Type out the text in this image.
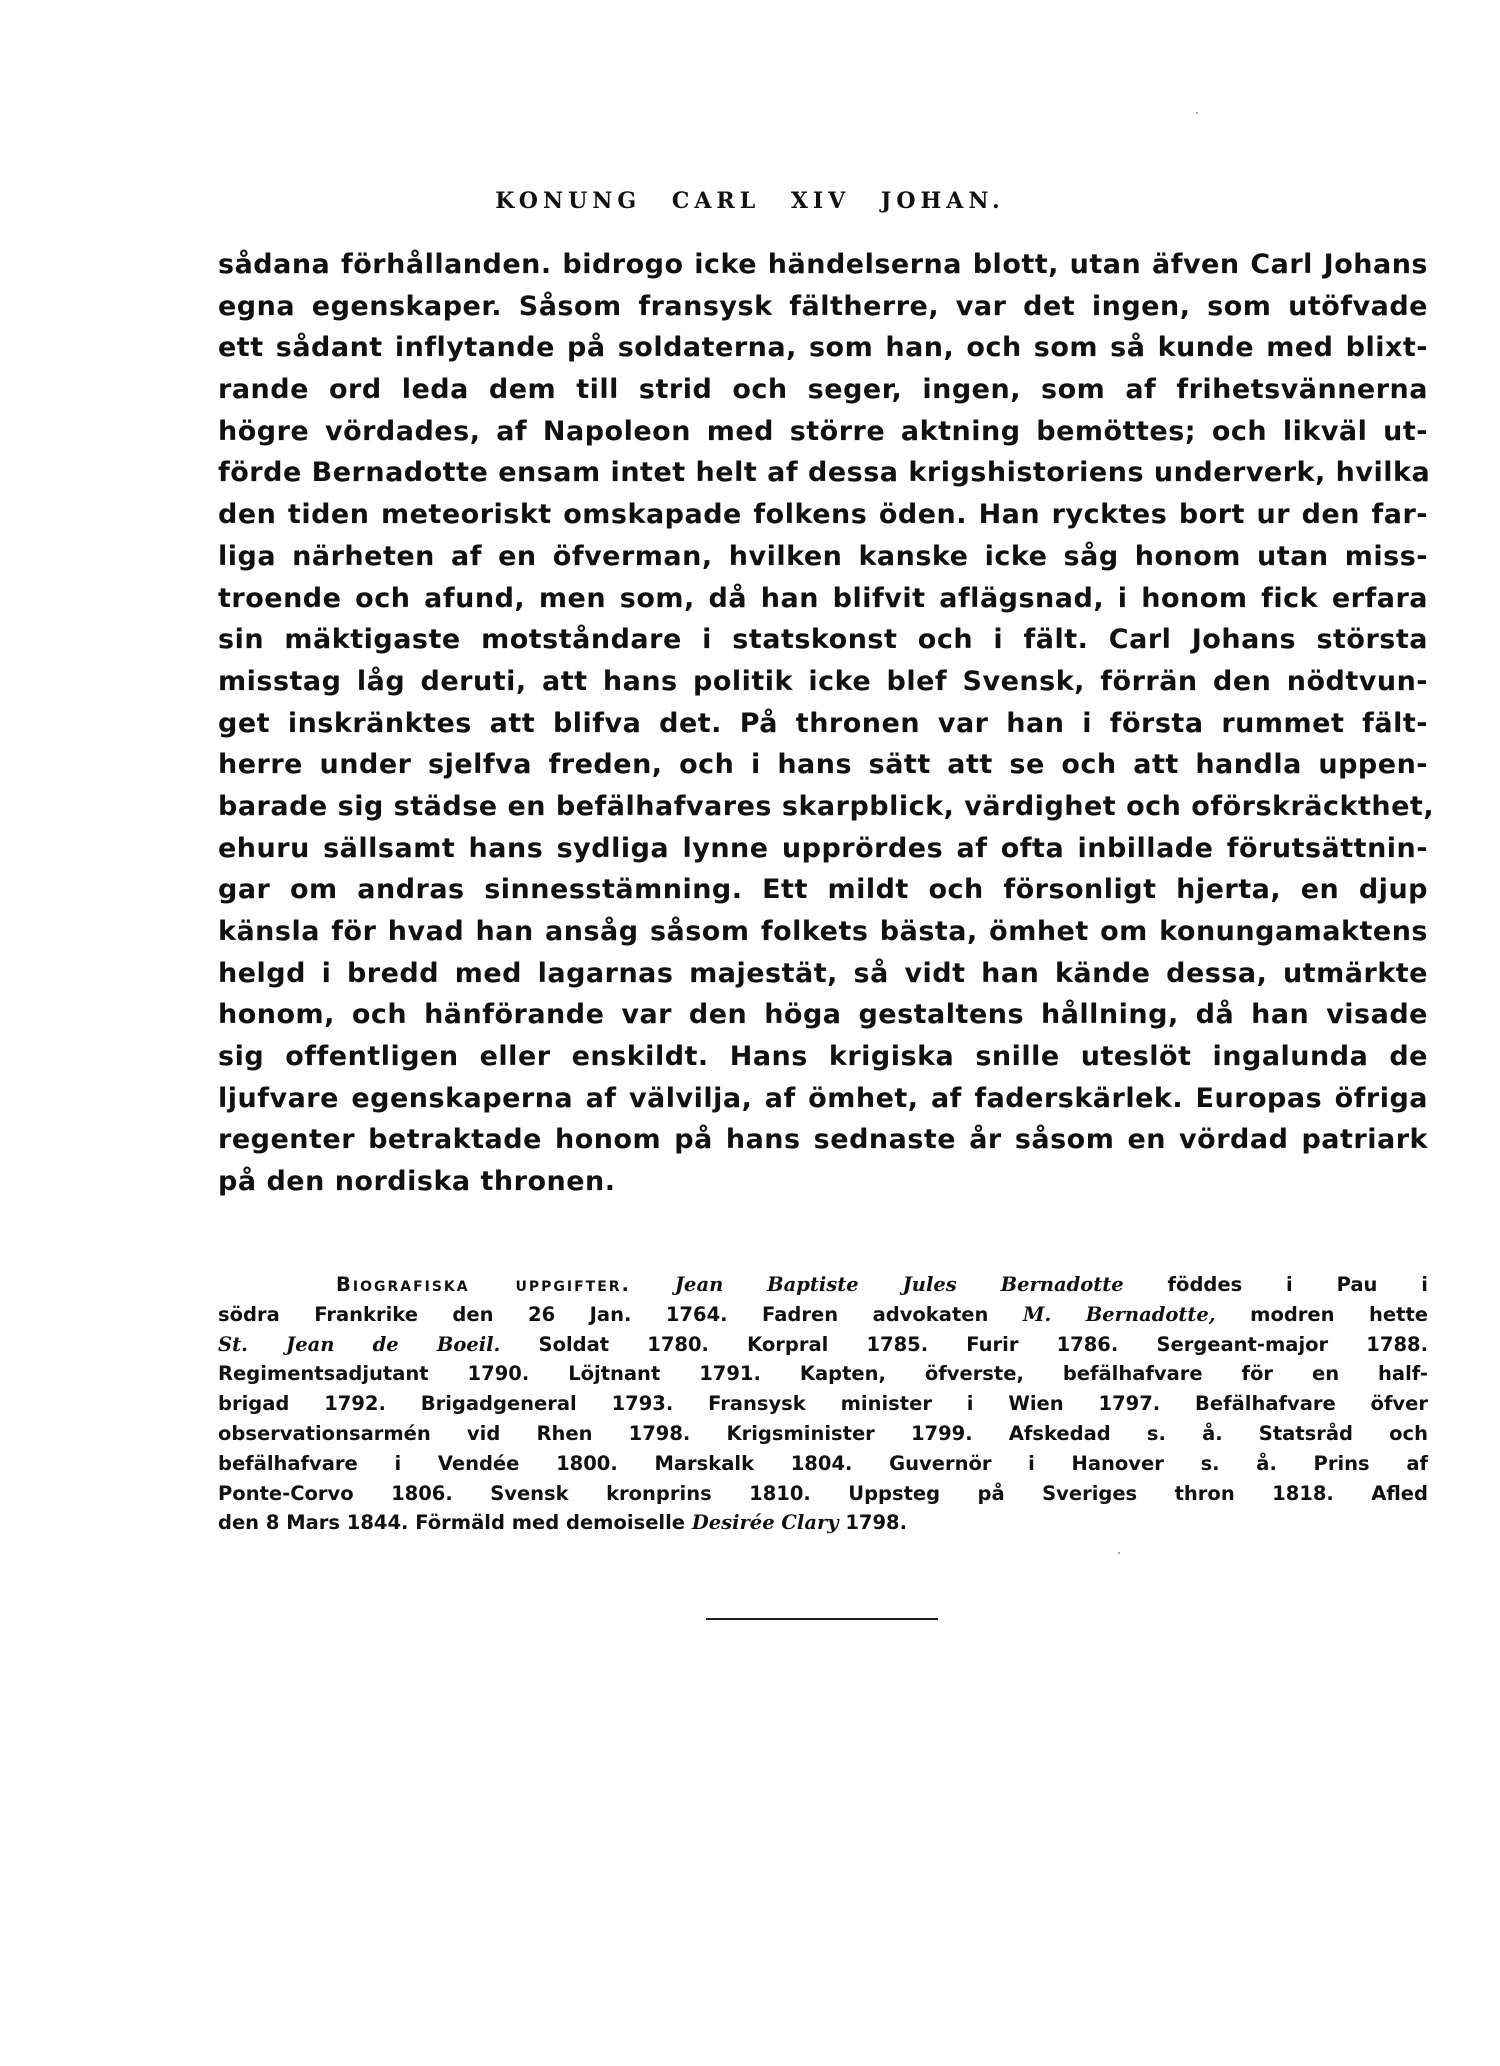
KONUNG CARL XIV JOHAN.
sådana förhållanden. bidrogo icke händelserna blott, utan äfven Carl Johans
egna egenskaper. Såsom fransysk fältherre, var det ingen, som utöfvade
ett sådant inflytande på soldaterna, som han, och som så kunde med blixt-
rande ord leda dem till strid och seger, ingen, som af frihetsvännerna
högre vördades, af Napoleon med större aktning bemöttes; och likväl ut-
förde Bernadotte ensam intet helt af dessa krigshistoriens underverk, hvilka
den tiden meteoriskt omskapade folkens öden. Han rycktes bort ur den far-
liga närheten af en öfverman, hvilken kanske icke såg honom utan miss-
troende och afund, men som, då han blifvit aflägsnad, i honom fick erfara
sin mäktigaste motståndare i statskonst och i fält. Carl Johans största
misstag låg deruti, att hans politik icke blef Svensk, förrän den nödtvun-
get inskränktes att blifva det. På thronen var han i första rummet fält-
herre under sjelfva freden, och i hans sätt att se och att handla uppen-
barade sig städse en befälhafvares skarpblick, värdighet och oförskräckthet,
ehuru sällsamt hans sydliga lynne upprördes af ofta inbillade förutsättnin-
gar om andras sinnesstämning. Ett mildt och försonligt hjerta, en djup
känsla för hvad han ansåg såsom folkets bästa, ömhet om konungamaktens
helgd i bredd med lagarnas majestät, så vidt han kände dessa, utmärkte
honom, och hänförande var den höga gestaltens hållning, då han visade
sig offentligen eller enskildt. Hans krigiska snille uteslöt ingalunda de
ljufvare egenskaperna af välvilja, af ömhet, af faderskärlek. Europas öfriga
regenter betraktade honom på hans sednaste år såsom en vördad patriark
på den nordiska thronen.
Biografiska uppgifter. Jean Baptiste Jules Bernadotte föddes i Pau i
södra Frankrike den 26 Jan. 1764. Fadren advokaten M. Bernadotte, modren hette
St. Jean de Boeil. Soldat 1780. Korpral 1785. Furir 1786. Sergeant-major 1788.
Regimentsadjutant 1790. Löjtnant 1791. Kapten, öfverste, befälhafvare för en half-
brigad 1792. Brigadgeneral 1793. Fransysk minister i Wien 1797. Befälhafvare öfver
observationsarmén vid Rhen 1798. Krigsminister 1799. Afskedad s. å. Statsråd och
befälhafvare i Vendée 1800. Marskalk 1804. Guvernör i Hanover s. å. Prins af
Ponte-Corvo 1806. Svensk kronprins 1810. Uppsteg på Sveriges thron 1818. Afled
den 8 Mars 1844. Förmäld med demoiselle Desirée Clary 1798.
